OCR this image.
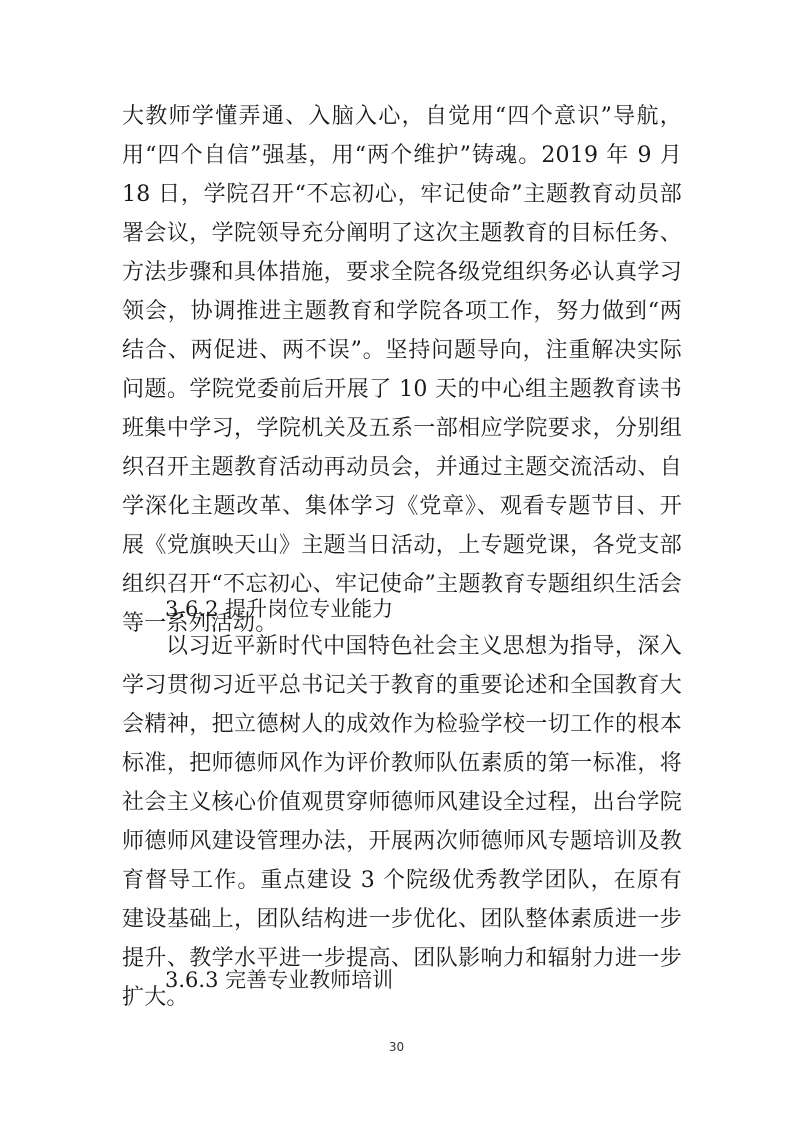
大教师学懂弄通、入脑入心，自觉用“四个意识”导航，用“四个自信”强基，用“两个维护”铸魂。2019 年 9 月 18 日，学院召开“不忘初心，牢记使命”主题教育动员部署会议，学院领导充分阐明了这次主题教育的目标任务、方法步骤和具体措施，要求全院各级党组织务必认真学习领会，协调推进主题教育和学院各项工作，努力做到“两结合、两促进、两不误”。坚持问题导向，注重解决实际问题。学院党委前后开展了 10 天的中心组主题教育读书班集中学习，学院机关及五系一部相应学院要求，分别组织召开主题教育活动再动员会，并通过主题交流活动、自学深化主题改革、集体学习《党章》、观看专题节目、开展《党旗映天山》主题当日活动，上专题党课，各党支部组织召开“不忘初心、牢记使命”主题教育专题组织生活会等一系列活动。

3.6.2 提升岗位专业能力

以习近平新时代中国特色社会主义思想为指导，深入学习贯彻习近平总书记关于教育的重要论述和全国教育大会精神，把立德树人的成效作为检验学校一切工作的根本标准，把师德师风作为评价教师队伍素质的第一标准，将社会主义核心价值观贯穿师德师风建设全过程，出台学院师德师风建设管理办法，开展两次师德师风专题培训及教育督导工作。重点建设 3 个院级优秀教学团队，在原有建设基础上，团队结构进一步优化、团队整体素质进一步提升、教学水平进一步提高、团队影响力和辐射力进一步扩大。

3.6.3 完善专业教师培训
30
